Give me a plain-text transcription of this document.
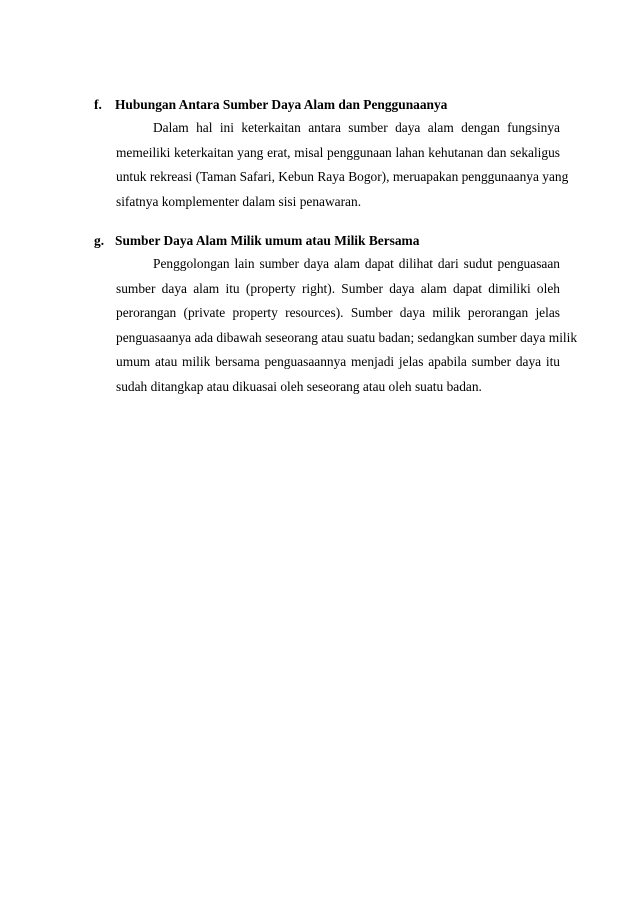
f. Hubungan Antara Sumber Daya Alam dan Penggunaanya
Dalam hal ini keterkaitan antara sumber daya alam dengan fungsinya
memeiliki keterkaitan yang erat, misal penggunaan lahan kehutanan dan sekaligus
untuk rekreasi (Taman Safari, Kebun Raya Bogor), meruapakan penggunaanya yang
sifatnya komplementer dalam sisi penawaran.
g. Sumber Daya Alam Milik umum atau Milik Bersama
Penggolongan lain sumber daya alam dapat dilihat dari sudut penguasaan
sumber daya alam itu (property right). Sumber daya alam dapat dimiliki oleh
perorangan (private property resources). Sumber daya milik perorangan jelas
penguasaanya ada dibawah seseorang atau suatu badan; sedangkan sumber daya milik
umum atau milik bersama penguasaannya menjadi jelas apabila sumber daya itu
sudah ditangkap atau dikuasai oleh seseorang atau oleh suatu badan.
